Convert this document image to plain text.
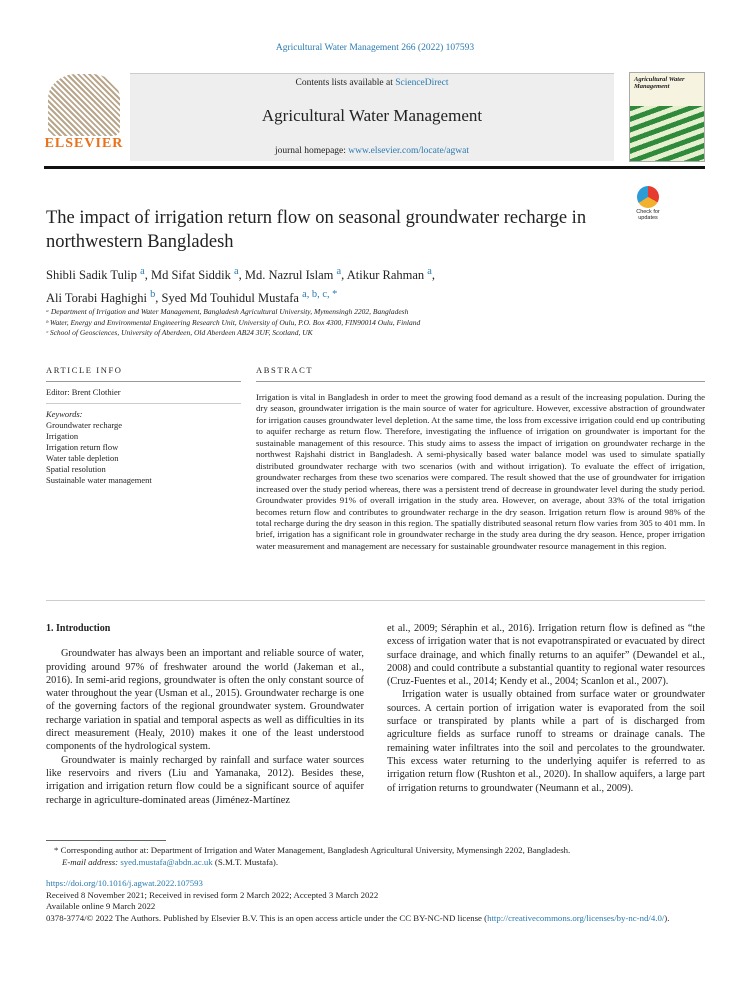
Agricultural Water Management 266 (2022) 107593
ELSEVIER
Contents lists available at ScienceDirect
Agricultural Water Management
journal homepage: www.elsevier.com/locate/agwat
Agricultural Water Management
The impact of irrigation return flow on seasonal groundwater recharge in northwestern Bangladesh
Check for updates
Shibli Sadik Tulip $^a$, Md Sifat Siddik $^a$, Md. Nazrul Islam $^a$, Atikur Rahman $^a$,
Ali Torabi Haghighi $^b$, Syed Md Touhidul Mustafa $^{a, b, c, *}$
ᵃ Department of Irrigation and Water Management, Bangladesh Agricultural University, Mymensingh 2202, Bangladesh
ᵇ Water, Energy and Environmental Engineering Research Unit, University of Oulu, P.O. Box 4300, FIN90014 Oulu, Finland
ᶜ School of Geosciences, University of Aberdeen, Old Aberdeen AB24 3UF, Scotland, UK
ARTICLE INFO
Editor: Brent Clothier
Keywords:
Groundwater recharge
Irrigation
Irrigation return flow
Water table depletion
Spatial resolution
Sustainable water management
ABSTRACT
Irrigation is vital in Bangladesh in order to meet the growing food demand as a result of the increasing population. During the dry season, groundwater irrigation is the main source of water for agriculture. However, excessive abstraction of groundwater for irrigation causes groundwater level depletion. At the same time, the loss from excessive irrigation could end up contributing to aquifer recharge as return flow. Therefore, investigating the influence of irrigation on groundwater is important for the sustainable management of this resource. This study aims to assess the impact of irrigation on groundwater recharge in the northwest Rajshahi district in Bangladesh. A semi-physically based water balance model was used to simulate spatially distributed groundwater recharge with two scenarios (with and without irrigation). To evaluate the effect of irrigation, groundwater recharges from these two scenarios were compared. The result showed that the use of groundwater for irrigation increased over the study period whereas, there was a persistent trend of decrease in groundwater level during the study period. Groundwater provides 91% of overall irrigation in the study area. However, on average, about 33% of the total irrigation becomes return flow and contributes to groundwater recharge in the dry season. Irrigation return flow is around 98% of the total recharge during the dry season in this region. The spatially distributed seasonal return flow varies from 305 to 401 mm. In brief, irrigation has a significant role in groundwater recharge in the study area during the dry season. Hence, proper irrigation water measurement and management are necessary for sustainable groundwater resource management in this region.
1. Introduction

Groundwater has always been an important and reliable source of water, providing around 97% of freshwater around the world (Jakeman et al., 2016). In semi-arid regions, groundwater is often the only constant source of water throughout the year (Usman et al., 2015). Groundwater recharge is one of the governing factors of the regional groundwater system. Groundwater recharge variation in spatial and temporal aspects as well as difficulties in its direct measurement (Healy, 2010) makes it one of the least understood components of the hydrological system.

Groundwater is mainly recharged by rainfall and surface water sources like reservoirs and rivers (Liu and Yamanaka, 2012). Besides these, irrigation and irrigation return flow could be a significant source of aquifer recharge in agriculture-dominated areas (Jiménez-Martínez

et al., 2009; Séraphin et al., 2016). Irrigation return flow is defined as “the excess of irrigation water that is not evapotranspirated or evacuated by direct surface drainage, and which finally returns to an aquifer” (Dewandel et al., 2008) and could contribute a substantial quantity to regional water resources (Cruz-Fuentes et al., 2014; Kendy et al., 2004; Scanlon et al., 2007).

Irrigation water is usually obtained from surface water or groundwater sources. A certain portion of irrigation water is evaporated from the soil surface or transpirated by plants while a part of is discharged from agriculture fields as surface runoff to streams or drainage canals. The remaining water infiltrates into the soil and percolates to the groundwater. This excess water returning to the underlying aquifer is referred to as irrigation return flow (Rushton et al., 2020). In shallow aquifers, a large part of irrigation returns to groundwater (Neumann et al., 2009).

* Corresponding author at: Department of Irrigation and Water Management, Bangladesh Agricultural University, Mymensingh 2202, Bangladesh.
E-mail address: syed.mustafa@abdn.ac.uk (S.M.T. Mustafa).
https://doi.org/10.1016/j.agwat.2022.107593
Received 8 November 2021; Received in revised form 2 March 2022; Accepted 3 March 2022
Available online 9 March 2022
0378-3774/© 2022 The Authors. Published by Elsevier B.V. This is an open access article under the CC BY-NC-ND license (http://creativecommons.org/licenses/by-nc-nd/4.0/).
